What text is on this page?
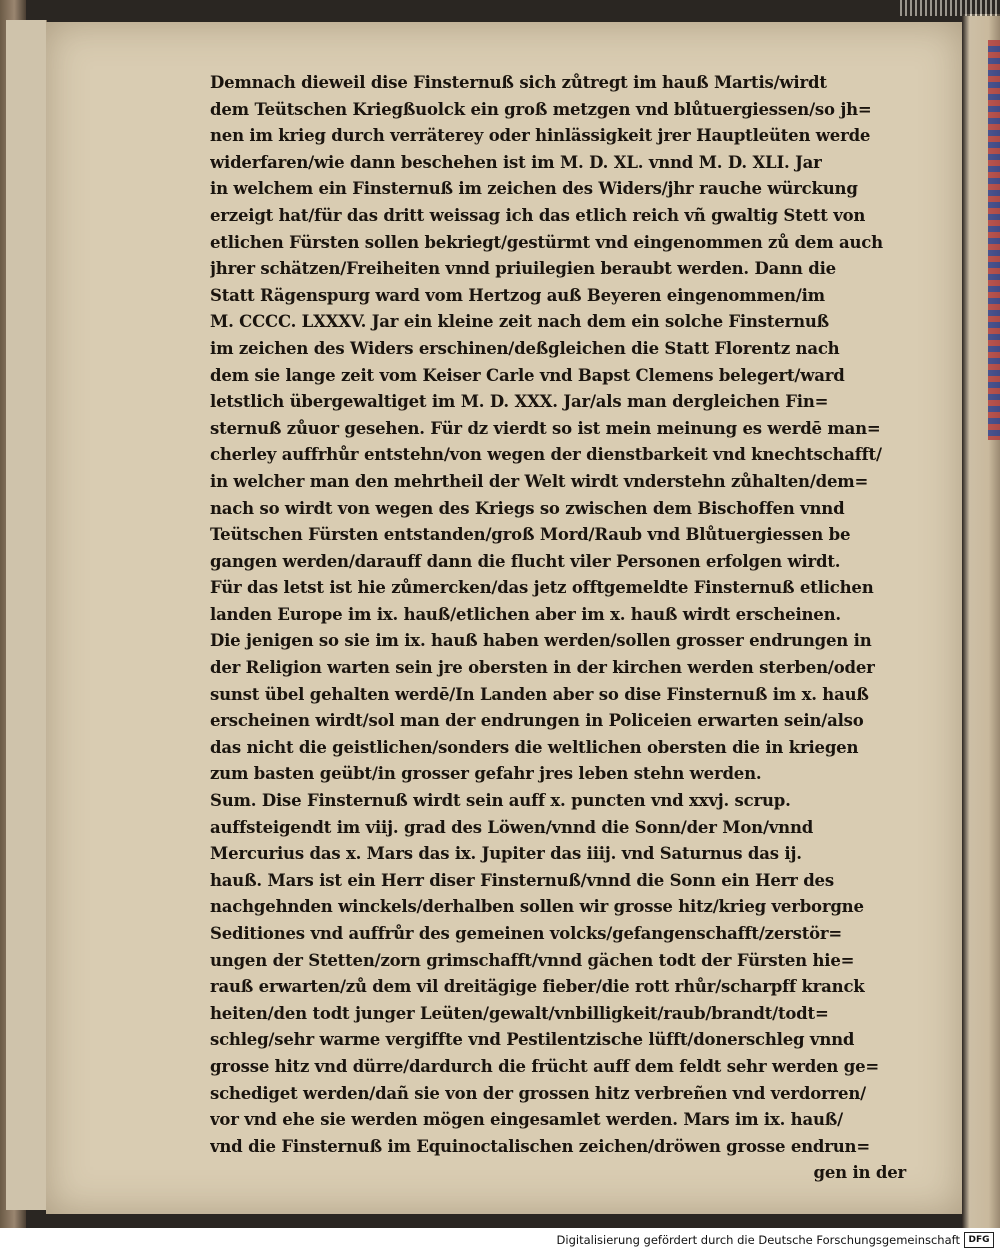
Demnach dieweil dise Finsternuß sich zůtregt im hauß Martis/wirdt
dem Teütschen Kriegßuolck ein groß metzgen vnd blůtuergiessen/so jh=
nen im krieg durch verräterey oder hinlässigkeit jrer Hauptleüten werde
widerfaren/wie dann beschehen ist im M. D. XL. vnnd M. D. XLI. Jar
in welchem ein Finsternuß im zeichen des Widers/jhr rauche würckung
erzeigt hat/für das dritt weissag ich das etlich reich vñ gwaltig Stett von
etlichen Fürsten sollen bekriegt/gestürmt vnd eingenommen zů dem auch
jhrer schätzen/Freiheiten vnnd priuilegien beraubt werden. Dann die
Statt Rägenspurg ward vom Hertzog auß Beyeren eingenommen/im
M. CCCC. LXXXV. Jar ein kleine zeit nach dem ein solche Finsternuß
im zeichen des Widers erschinen/deßgleichen die Statt Florentz nach
dem sie lange zeit vom Keiser Carle vnd Bapst Clemens belegert/ward
letstlich übergewaltiget im M. D. XXX. Jar/als man dergleichen Fin=
sternuß zůuor gesehen. Für dz vierdt so ist mein meinung es werdē man=
cherley auffrhůr entstehn/von wegen der dienstbarkeit vnd knechtschafft/
in welcher man den mehrtheil der Welt wirdt vnderstehn zůhalten/dem=
nach so wirdt von wegen des Kriegs so zwischen dem Bischoffen vnnd
Teütschen Fürsten entstanden/groß Mord/Raub vnd Blůtuergiessen be
gangen werden/darauff dann die flucht viler Personen erfolgen wirdt.
Für das letst ist hie zůmercken/das jetz offtgemeldte Finsternuß etlichen
landen Europe im ix. hauß/etlichen aber im x. hauß wirdt erscheinen.
Die jenigen so sie im ix. hauß haben werden/sollen grosser endrungen in
der Religion warten sein jre obersten in der kirchen werden sterben/oder
sunst übel gehalten werdē/In Landen aber so dise Finsternuß im x. hauß
erscheinen wirdt/sol man der endrungen in Policeien erwarten sein/also
das nicht die geistlichen/sonders die weltlichen obersten die in kriegen
zum basten geübt/in grosser gefahr jres leben stehn werden.
Sum. Dise Finsternuß wirdt sein auff x. puncten vnd xxvj. scrup.
auffsteigendt im viij. grad des Löwen/vnnd die Sonn/der Mon/vnnd
Mercurius das x. Mars das ix. Jupiter das iiij. vnd Saturnus das ij.
hauß. Mars ist ein Herr diser Finsternuß/vnnd die Sonn ein Herr des
nachgehnden winckels/derhalben sollen wir grosse hitz/krieg verborgne
Seditiones vnd auffrůr des gemeinen volcks/gefangenschafft/zerstör=
ungen der Stetten/zorn grimschafft/vnnd gächen todt der Fürsten hie=
rauß erwarten/zů dem vil dreitägige fieber/die rott rhůr/scharpff kranck
heiten/den todt junger Leüten/gewalt/vnbilligkeit/raub/brandt/todt=
schleg/sehr warme vergiffte vnd Pestilentzische lüfft/donerschleg vnnd
grosse hitz vnd dürre/dardurch die frücht auff dem feldt sehr werden ge=
schediget werden/dañ sie von der grossen hitz verbreñen vnd verdorren/
vor vnd ehe sie werden mögen eingesamlet werden. Mars im ix. hauß/
vnd die Finsternuß im Equinoctalischen zeichen/dröwen grosse endrun=
gen in der
Digitalisierung gefördert durch die Deutsche Forschungsgemeinschaft DFG
